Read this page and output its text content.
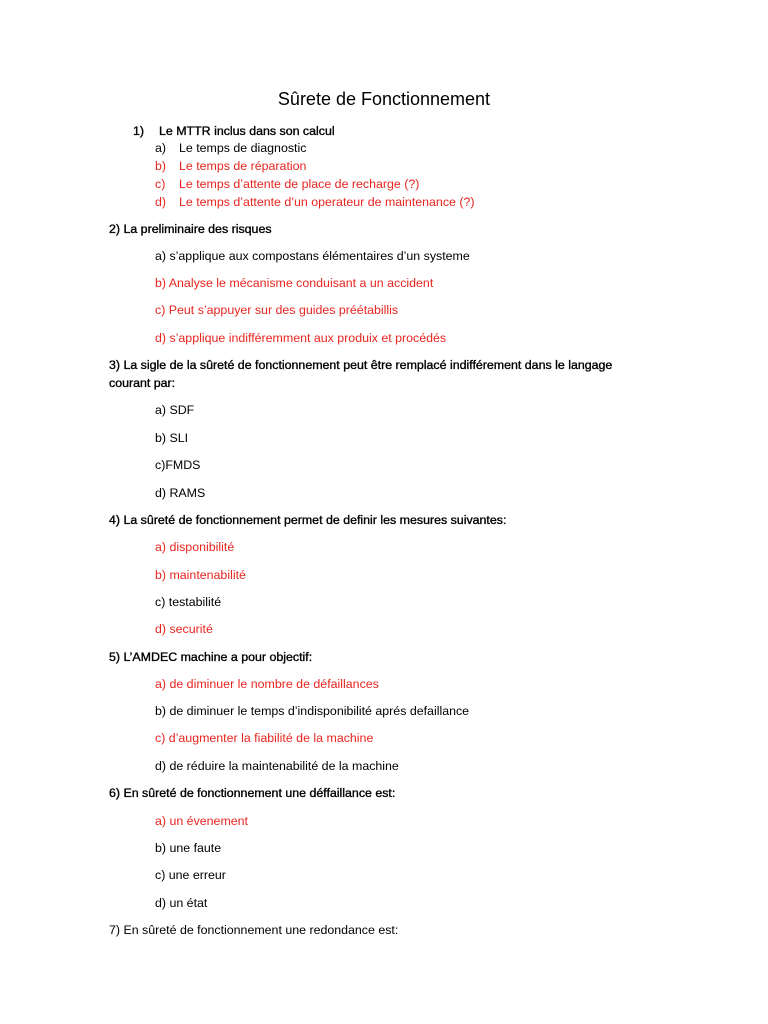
Sûrete de Fonctionnement
1) Le MTTR inclus dans son calcul
a) Le temps de diagnostic
b) Le temps de réparation
c) Le temps d’attente de place de recharge (?)
d) Le temps d’attente d’un operateur de maintenance (?)
2) La preliminaire des risques
a) s’applique aux compostans élémentaires d’un systeme
b) Analyse le mécanisme conduisant a un accident
c) Peut s’appuyer sur des guides préétabillis
d) s’applique indifféremment aux produix et procédés
3) La sigle de la sûreté de fonctionnement peut être remplacé indifférement dans le langage
courant par:
a) SDF
b) SLI
c)FMDS
d) RAMS
4) La sûreté de fonctionnement permet de definir les mesures suivantes:
a) disponibilité
b) maintenabilité
c) testabilité
d) securité
5) L’AMDEC machine a pour objectif:
a) de diminuer le nombre de défaillances
b) de diminuer le temps d’indisponibilité aprés defaillance
c) d’augmenter la fiabilité de la machine
d) de réduire la maintenabilité de la machine
6) En sûreté de fonctionnement une déffaillance est:
a) un évenement
b) une faute
c) une erreur
d) un état
7) En sûreté de fonctionnement une redondance est:
